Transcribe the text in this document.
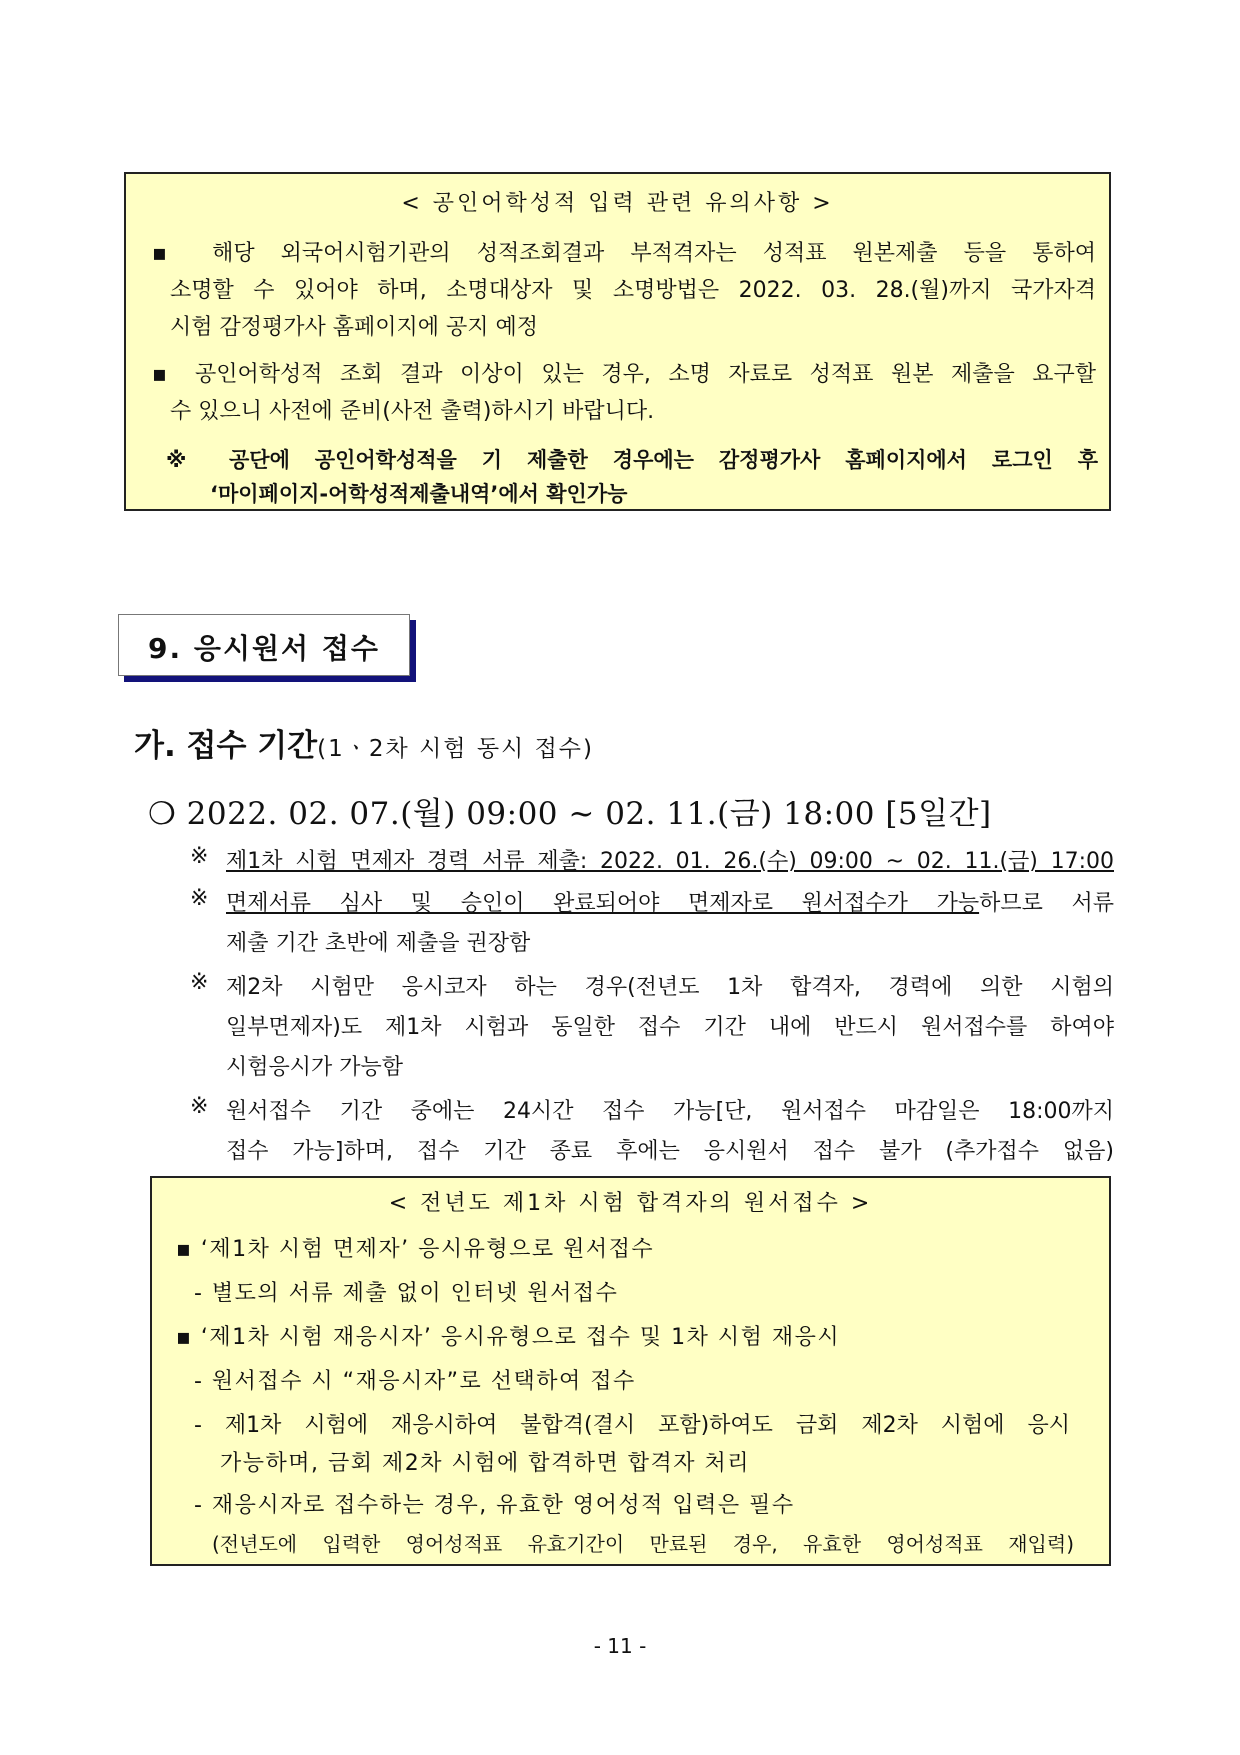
< 공인어학성적 입력 관련 유의사항 >
▪ 해당 외국어시험기관의 성적조회결과 부적격자는 성적표 원본제출 등을 통하여
소명할 수 있어야 하며, 소명대상자 및 소명방법은 2022. 03. 28.(월)까지 국가자격
시험 감정평가사 홈페이지에 공지 예정
▪ 공인어학성적 조회 결과 이상이 있는 경우, 소명 자료로 성적표 원본 제출을 요구할
수 있으니 사전에 준비(사전 출력)하시기 바랍니다.
※ 공단에 공인어학성적을 기 제출한 경우에는 감정평가사 홈페이지에서 로그인 후
‘마이페이지-어학성적제출내역’에서 확인가능
9. 응시원서 접수
가. 접수 기간(1ㆍ2차 시험 동시 접수)
❍ 2022. 02. 07.(월) 09:00 ~ 02. 11.(금) 18:00 [5일간]
※ 제1차 시험 면제자 경력 서류 제출: 2022. 01. 26.(수) 09:00 ~ 02. 11.(금) 17:00
※ 면제서류 심사 및 승인이 완료되어야 면제자로 원서접수가 가능하므로 서류
제출 기간 초반에 제출을 권장함
※ 제2차 시험만 응시코자 하는 경우(전년도 1차 합격자, 경력에 의한 시험의
일부면제자)도 제1차 시험과 동일한 접수 기간 내에 반드시 원서접수를 하여야
시험응시가 가능함
※ 원서접수 기간 중에는 24시간 접수 가능[단, 원서접수 마감일은 18:00까지
접수 가능]하며, 접수 기간 종료 후에는 응시원서 접수 불가 (추가접수 없음)
< 전년도 제1차 시험 합격자의 원서접수 >
▪ ‘제1차 시험 면제자’ 응시유형으로 원서접수
- 별도의 서류 제출 없이 인터넷 원서접수
▪ ‘제1차 시험 재응시자’ 응시유형으로 접수 및 1차 시험 재응시
- 원서접수 시 “재응시자”로 선택하여 접수
- 제1차 시험에 재응시하여 불합격(결시 포함)하여도 금회 제2차 시험에 응시
가능하며, 금회 제2차 시험에 합격하면 합격자 처리
- 재응시자로 접수하는 경우, 유효한 영어성적 입력은 필수
(전년도에 입력한 영어성적표 유효기간이 만료된 경우, 유효한 영어성적표 재입력)
- 11 -
